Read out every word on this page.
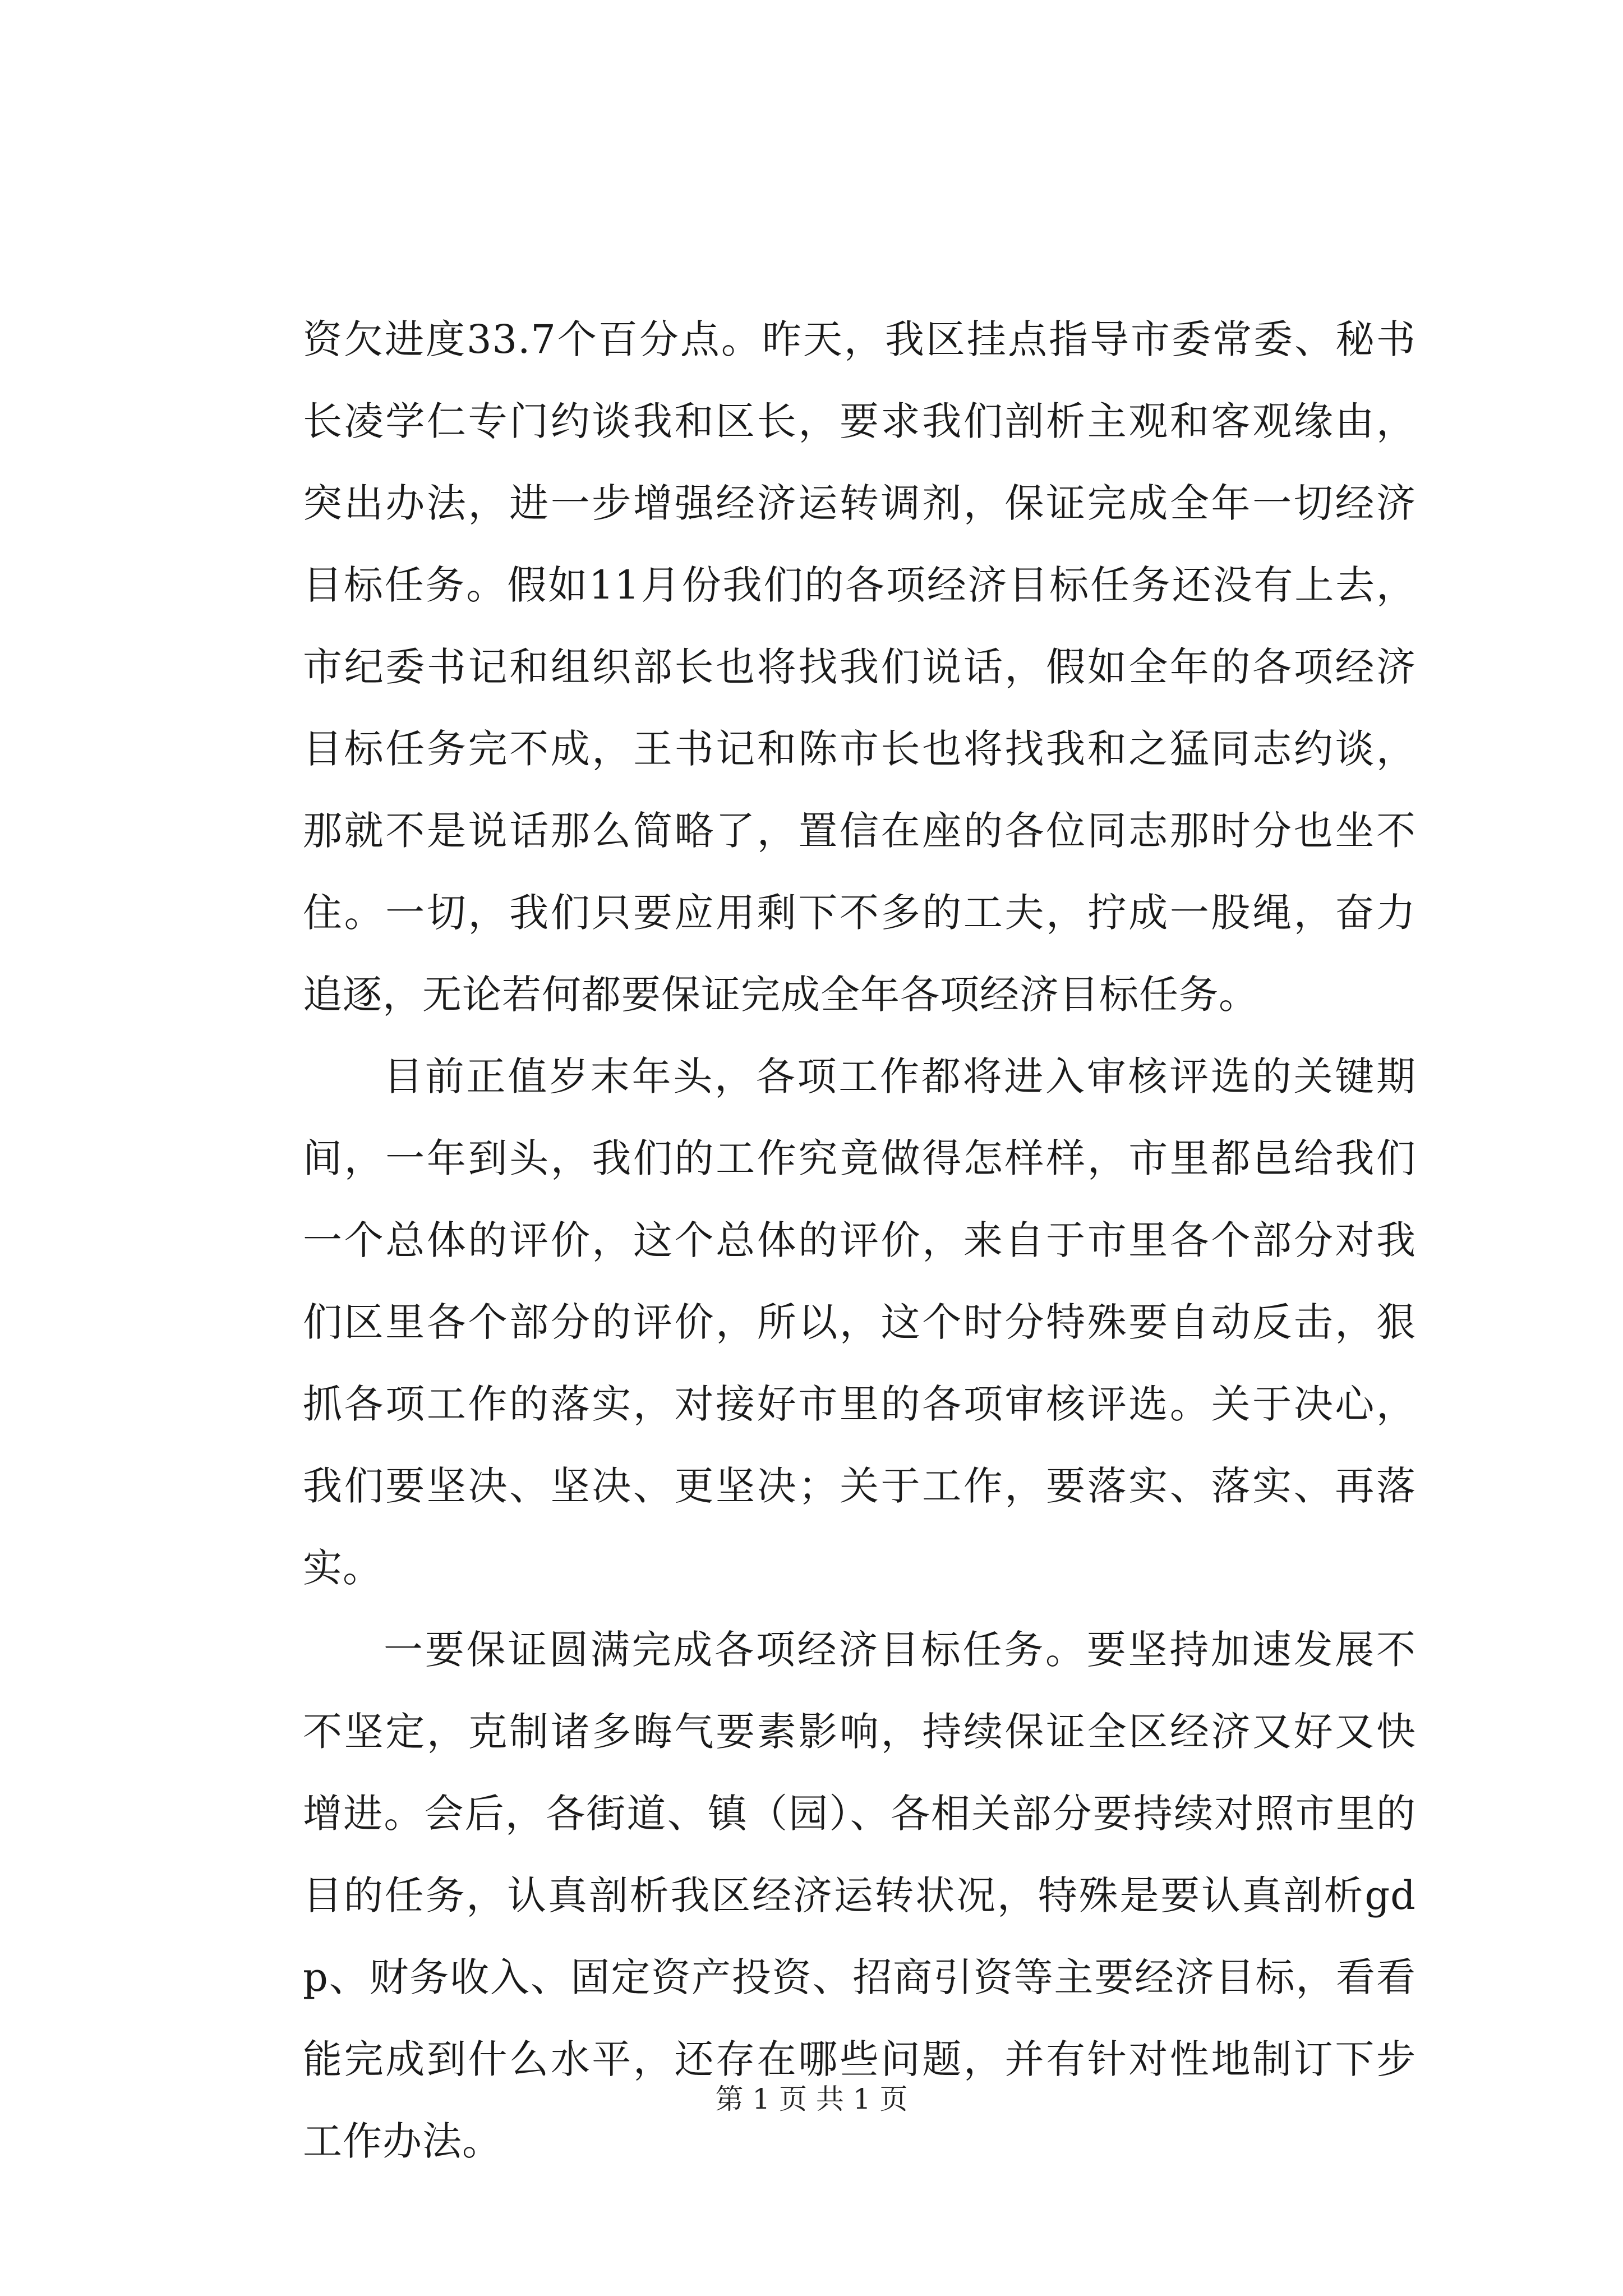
资欠进度33.7个百分点。昨天，我区挂点指导市委常委、秘书长凌学仁专门约谈我和区长，要求我们剖析主观和客观缘由，突出办法，进一步增强经济运转调剂，保证完成全年一切经济目标任务。假如11月份我们的各项经济目标任务还没有上去，市纪委书记和组织部长也将找我们说话，假如全年的各项经济目标任务完不成，王书记和陈市长也将找我和之猛同志约谈，那就不是说话那么简略了，置信在座的各位同志那时分也坐不住。一切，我们只要应用剩下不多的工夫，拧成一股绳，奋力追逐，无论若何都要保证完成全年各项经济目标任务。

目前正值岁末年头，各项工作都将进入审核评选的关键期间，一年到头，我们的工作究竟做得怎样样，市里都邑给我们一个总体的评价，这个总体的评价，来自于市里各个部分对我们区里各个部分的评价，所以，这个时分特殊要自动反击，狠抓各项工作的落实，对接好市里的各项审核评选。关于决心，我们要坚决、坚决、更坚决；关于工作，要落实、落实、再落实。

一要保证圆满完成各项经济目标任务。要坚持加速发展不不坚定，克制诸多晦气要素影响，持续保证全区经济又好又快增进。会后，各街道、镇（园）、各相关部分要持续对照市里的目的任务，认真剖析我区经济运转状况，特殊是要认真剖析gdp、财务收入、固定资产投资、招商引资等主要经济目标，看看能完成到什么水平，还存在哪些问题，并有针对性地制订下步工作办法。

第 1 页 共 1 页
